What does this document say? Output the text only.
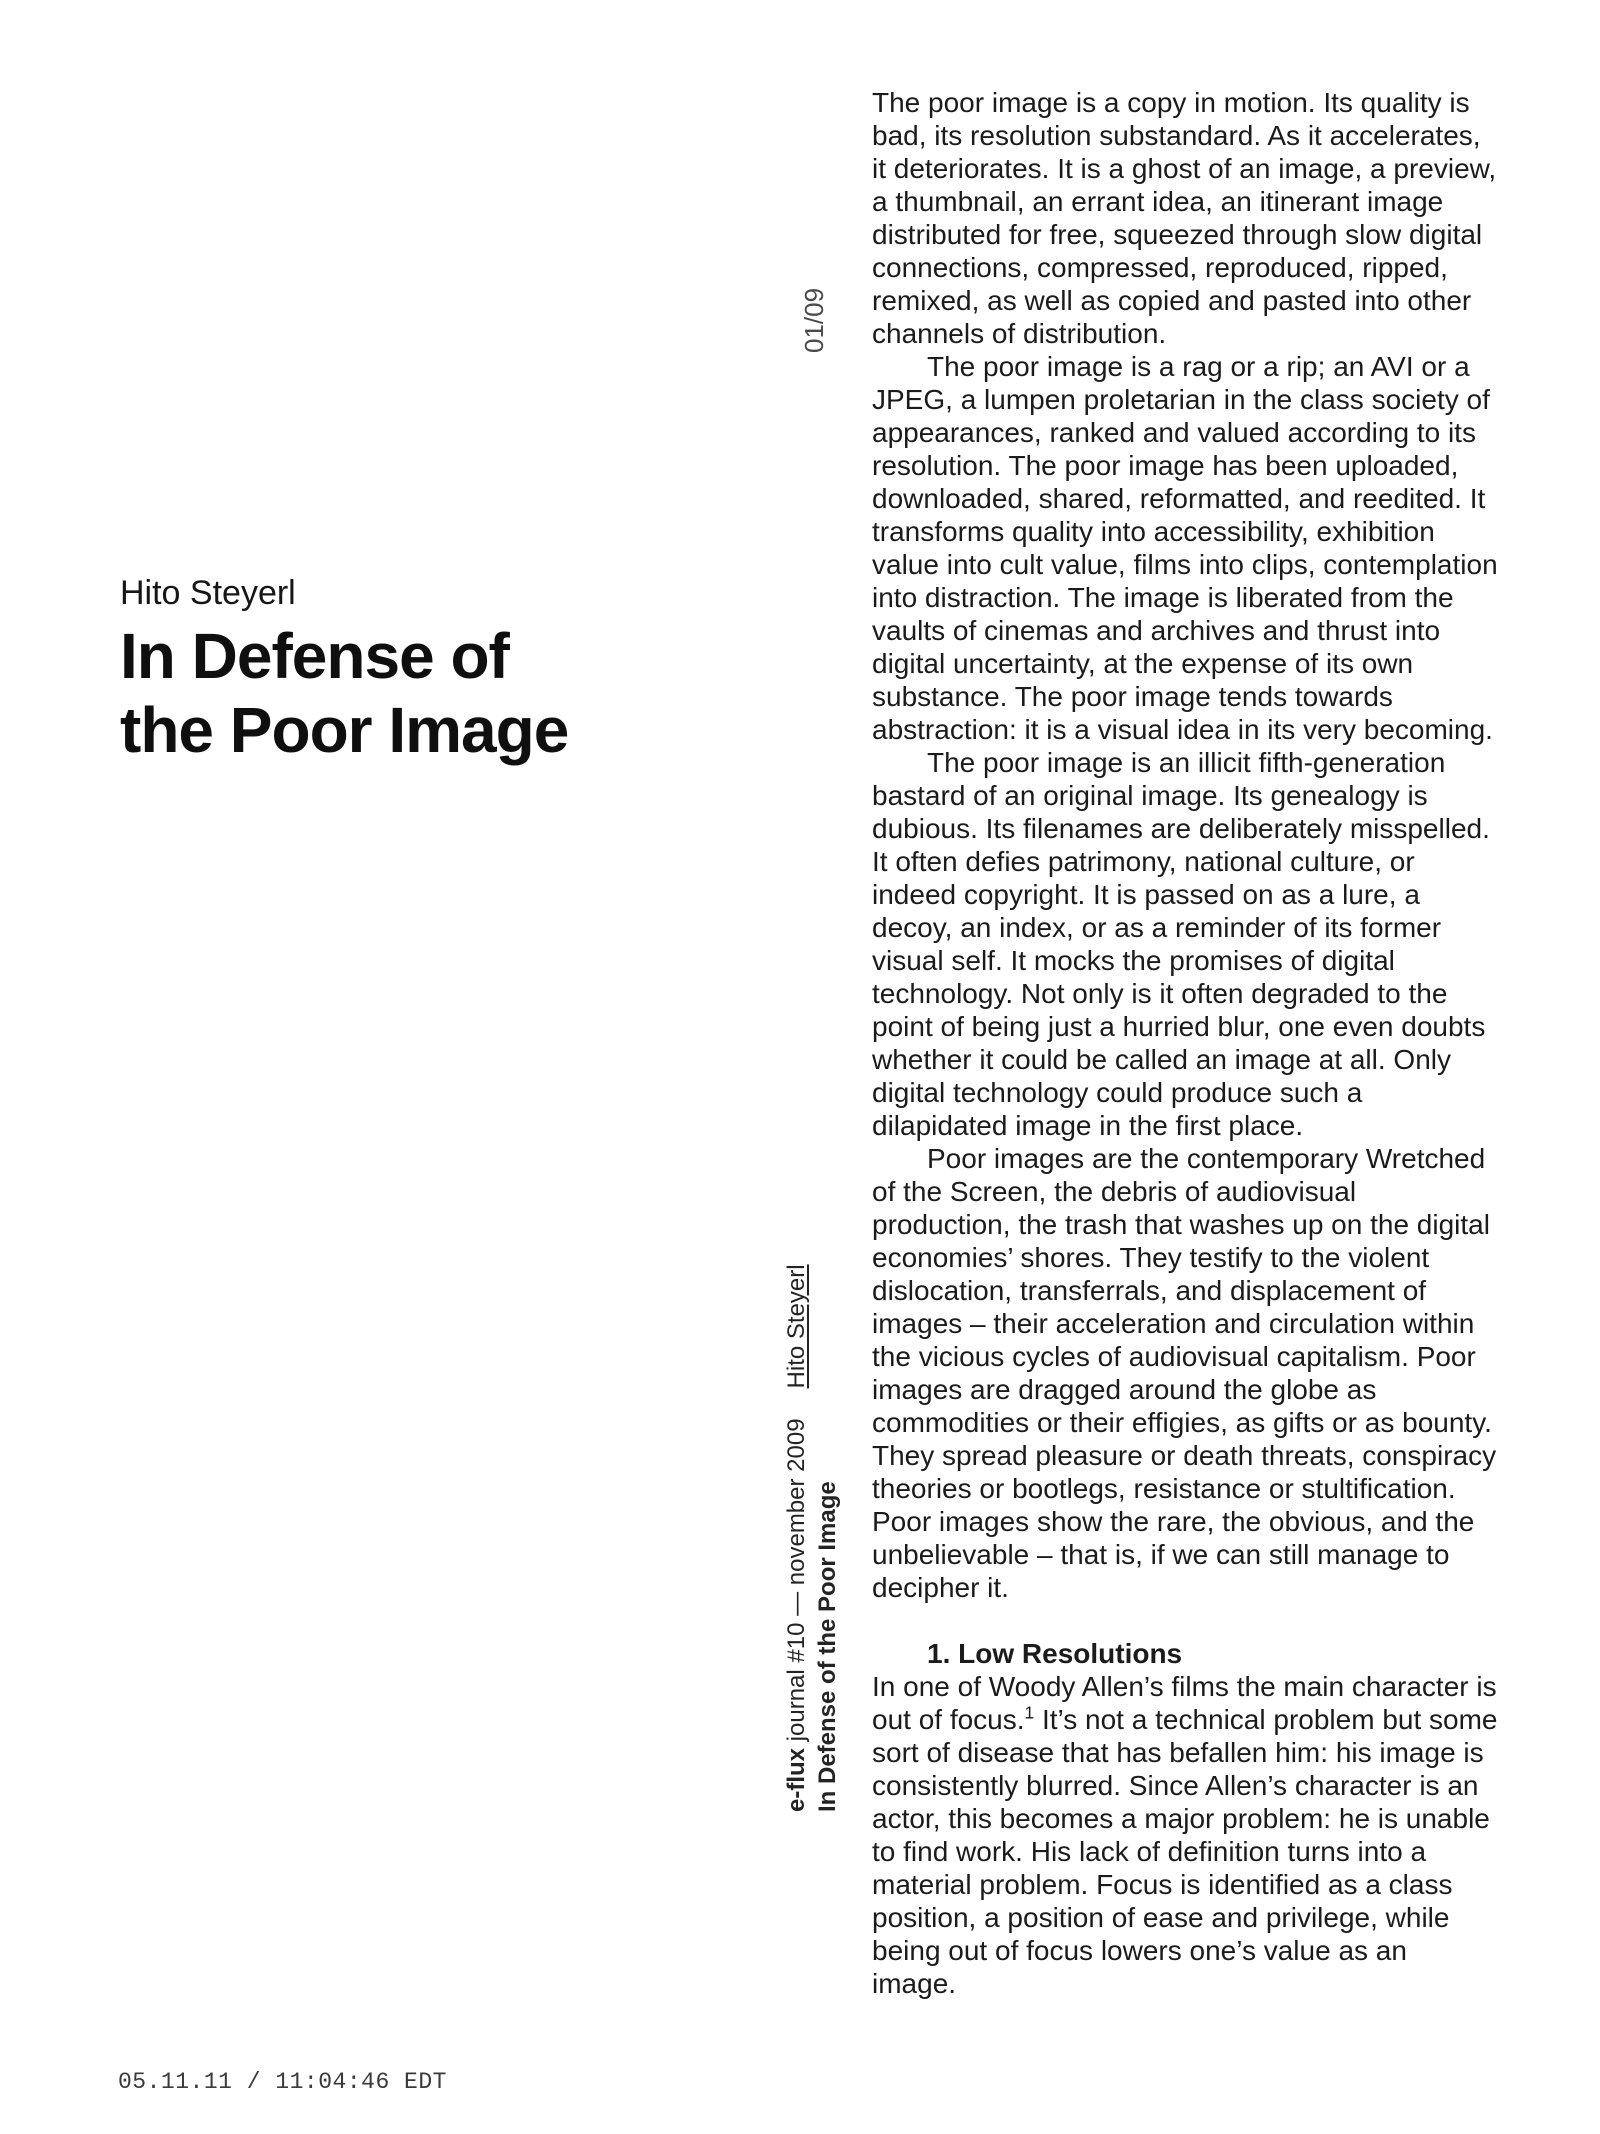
01/09
Hito Steyerl
In Defense of
the Poor Image
e-flux journal #10 — november 2009Hito Steyerl
In Defense of the Poor Image

The poor image is a copy in motion. Its quality is bad, its resolution substandard. As it accelerates, it deteriorates. It is a ghost of an image, a preview, a thumbnail, an errant idea, an itinerant image distributed for free, squeezed through slow digital connections, compressed, reproduced, ripped, remixed, as well as copied and pasted into other channels of distribution.

The poor image is a rag or a rip; an AVI or a JPEG, a lumpen proletarian in the class society of appearances, ranked and valued according to its resolution. The poor image has been uploaded, downloaded, shared, reformatted, and reedited. It transforms quality into accessibility, exhibition value into cult value, films into clips, contemplation into distraction. The image is liberated from the vaults of cinemas and archives and thrust into digital uncertainty, at the expense of its own substance. The poor image tends towards abstraction: it is a visual idea in its very becoming.

The poor image is an illicit fifth-generation bastard of an original image. Its genealogy is dubious. Its filenames are deliberately misspelled. It often defies patrimony, national culture, or indeed copyright. It is passed on as a lure, a decoy, an index, or as a reminder of its former visual self. It mocks the promises of digital technology. Not only is it often degraded to the point of being just a hurried blur, one even doubts whether it could be called an image at all. Only digital technology could produce such a dilapidated image in the first place.

Poor images are the contemporary Wretched of the Screen, the debris of audiovisual production, the trash that washes up on the digital economies’ shores. They testify to the violent dislocation, transferrals, and displacement of images – their acceleration and circulation within the vicious cycles of audiovisual capitalism. Poor images are dragged around the globe as commodities or their effigies, as gifts or as bounty. They spread pleasure or death threats, conspiracy theories or bootlegs, resistance or stultification. Poor images show the rare, the obvious, and the unbelievable – that is, if we can still manage to decipher it.

1. Low Resolutions

In one of Woody Allen’s films the main character is out of focus.$^1$ It’s not a technical problem but some sort of disease that has befallen him: his image is consistently blurred. Since Allen’s character is an actor, this becomes a major problem: he is unable to find work. His lack of definition turns into a material problem. Focus is identified as a class position, a position of ease and privilege, while being out of focus lowers one’s value as an image.

05.11.11 / 11:04:46 EDT
